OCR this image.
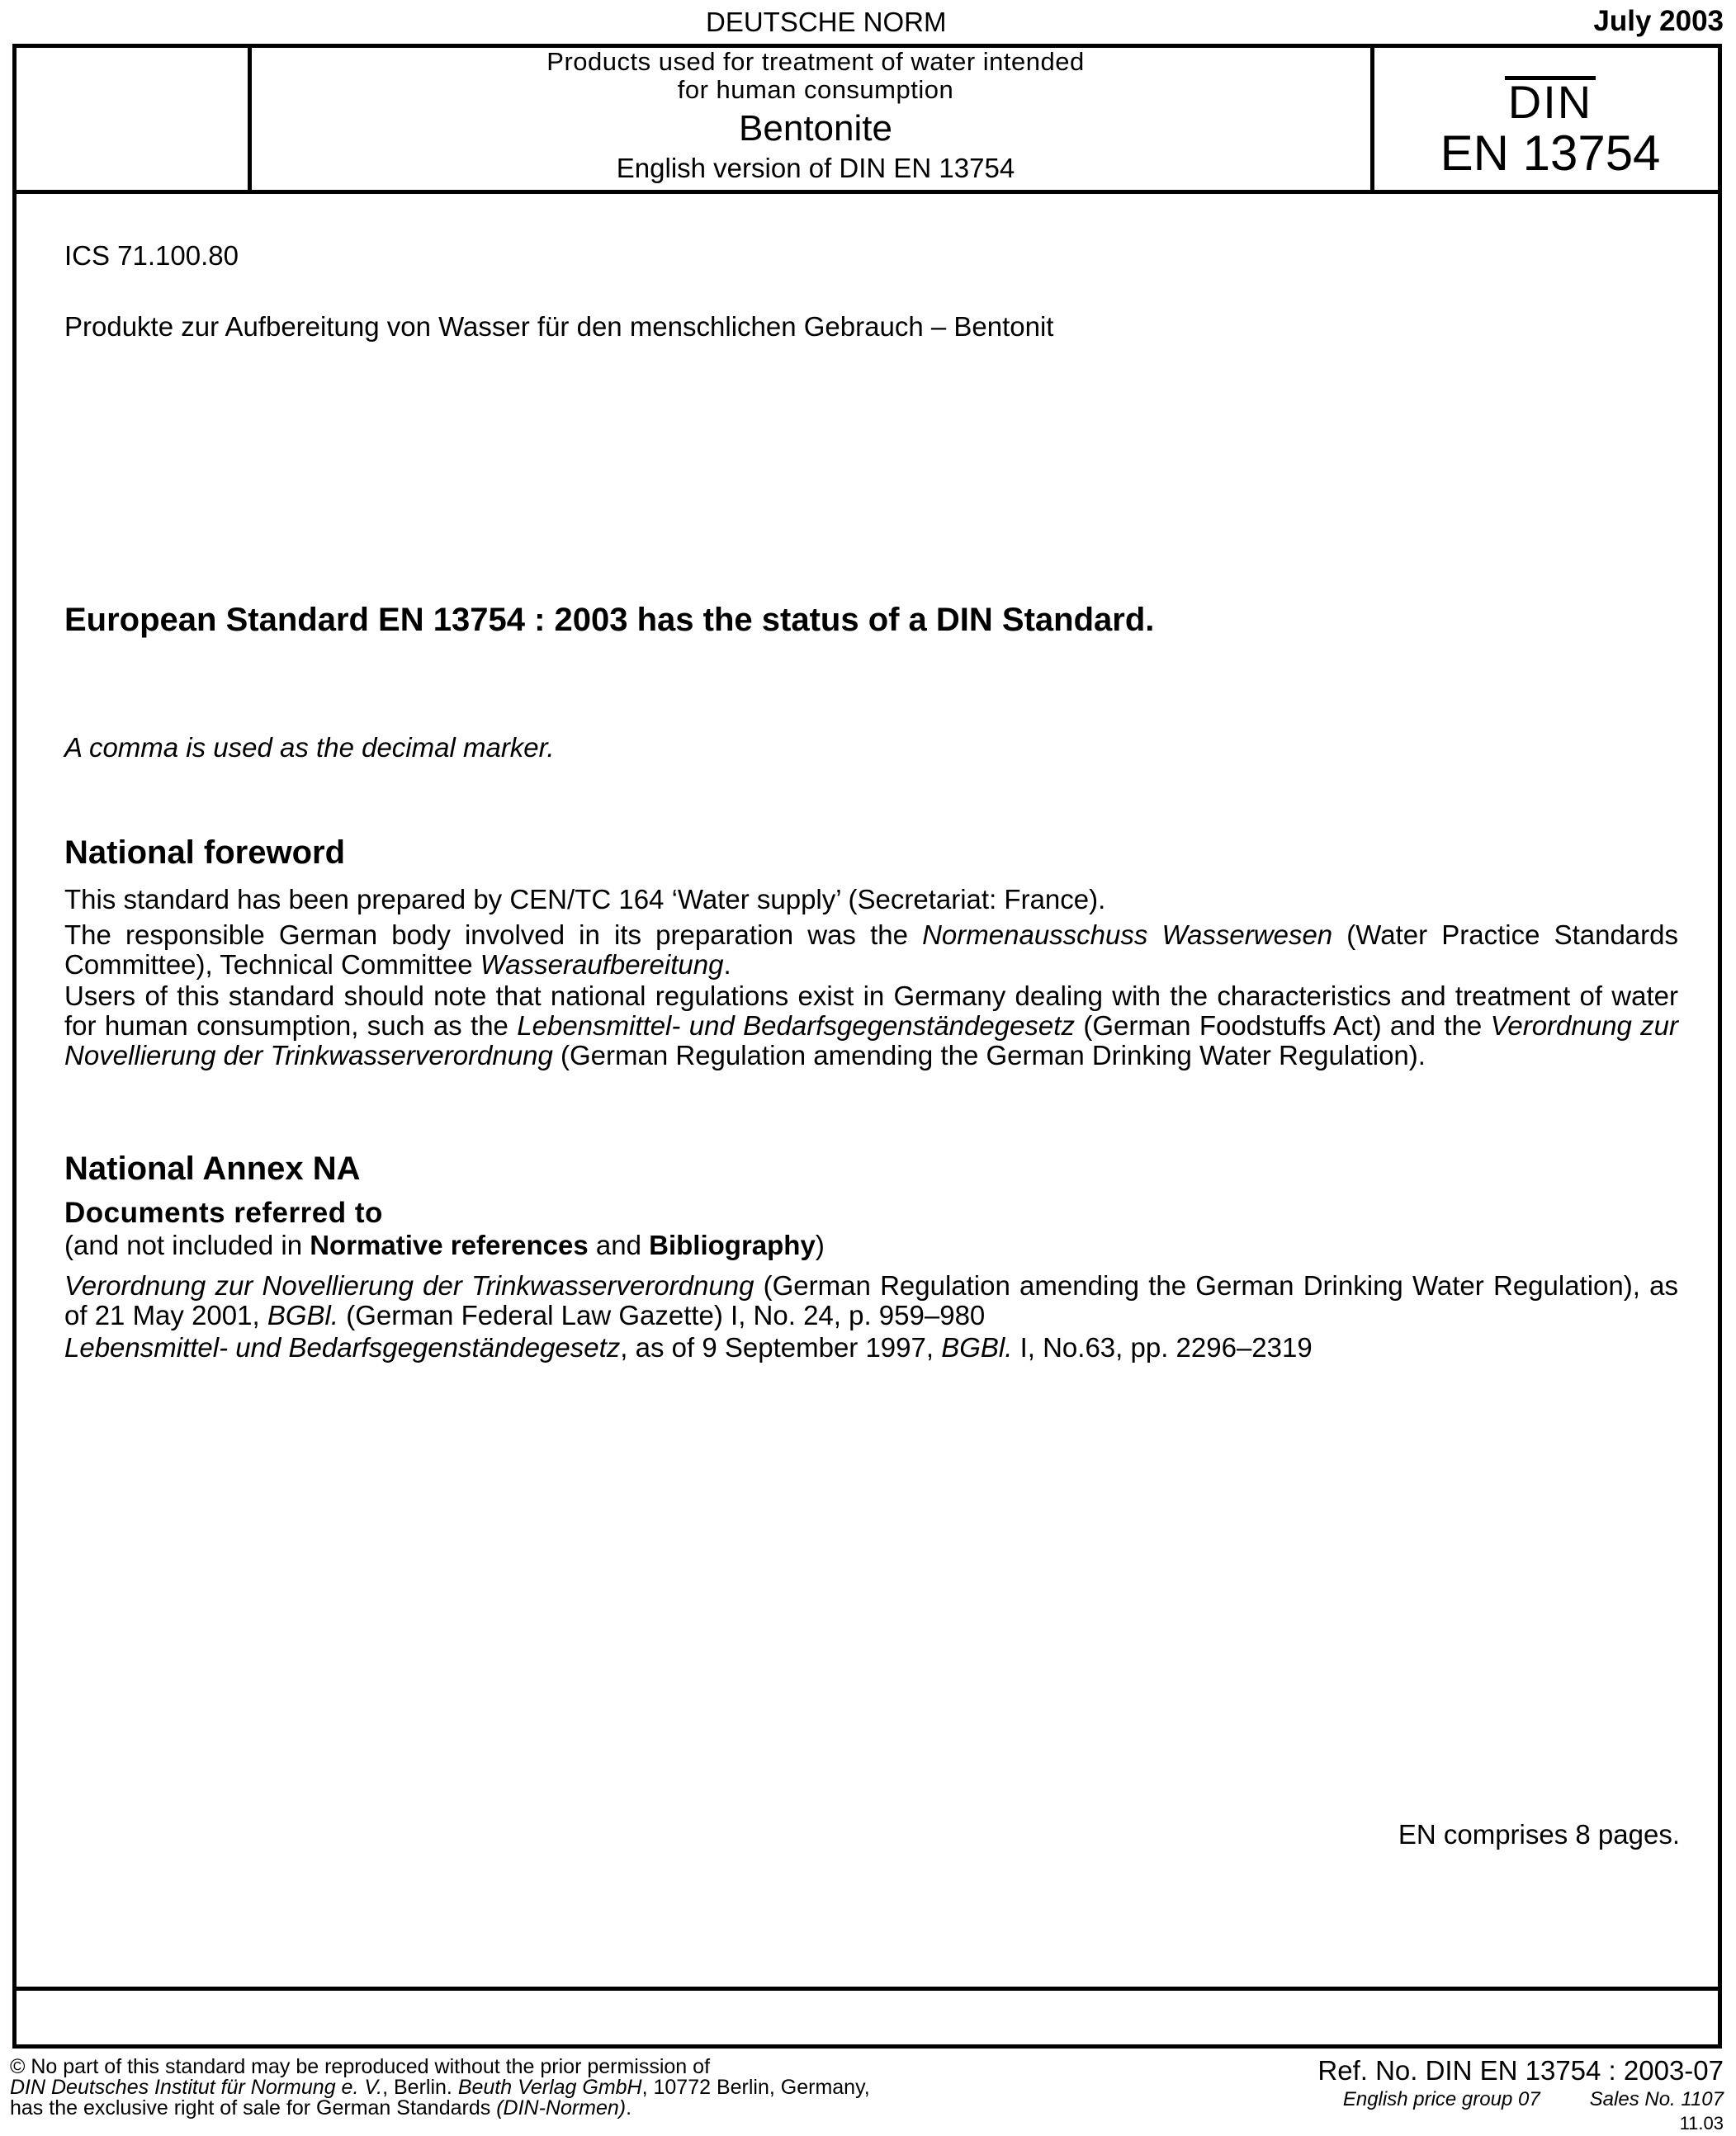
DEUTSCHE NORM	July 2003
Products used for treatment of water intended
for human consumption
Bentonite
English version of DIN EN 13754
DIN
EN 13754
ICS 71.100.80
Produkte zur Aufbereitung von Wasser für den menschlichen Gebrauch – Bentonit
European Standard EN 13754 : 2003 has the status of a DIN Standard.
A comma is used as the decimal marker.
National foreword
This standard has been prepared by CEN/TC 164 ‘Water supply’ (Secretariat: France).
The responsible German body involved in its preparation was the Normenausschuss Wasserwesen (Water Practice Standards Committee), Technical Committee Wasseraufbereitung.
Users of this standard should note that national regulations exist in Germany dealing with the characteristics and treatment of water for human consumption, such as the Lebensmittel- und Bedarfsgegenständegesetz (German Foodstuffs Act) and the Verordnung zur Novellierung der Trinkwasserverordnung (German Regulation amending the German Drinking Water Regulation).
National Annex NA
Documents referred to
(and not included in Normative references and Bibliography)
Verordnung zur Novellierung der Trinkwasserverordnung (German Regulation amending the German Drinking Water Regulation), as of 21 May 2001, BGBl. (German Federal Law Gazette) I, No. 24, p. 959–980
Lebensmittel- und Bedarfsgegenständegesetz, as of 9 September 1997, BGBl. I, No.63, pp. 2296–2319
EN comprises 8 pages.
© No part of this standard may be reproduced without the prior permission of
DIN Deutsches Institut für Normung e. V., Berlin. Beuth Verlag GmbH, 10772 Berlin, Germany,
has the exclusive right of sale for German Standards (DIN-Normen).
Ref. No. DIN EN 13754 : 2003-07
English price group 07	Sales No. 1107
11.03
